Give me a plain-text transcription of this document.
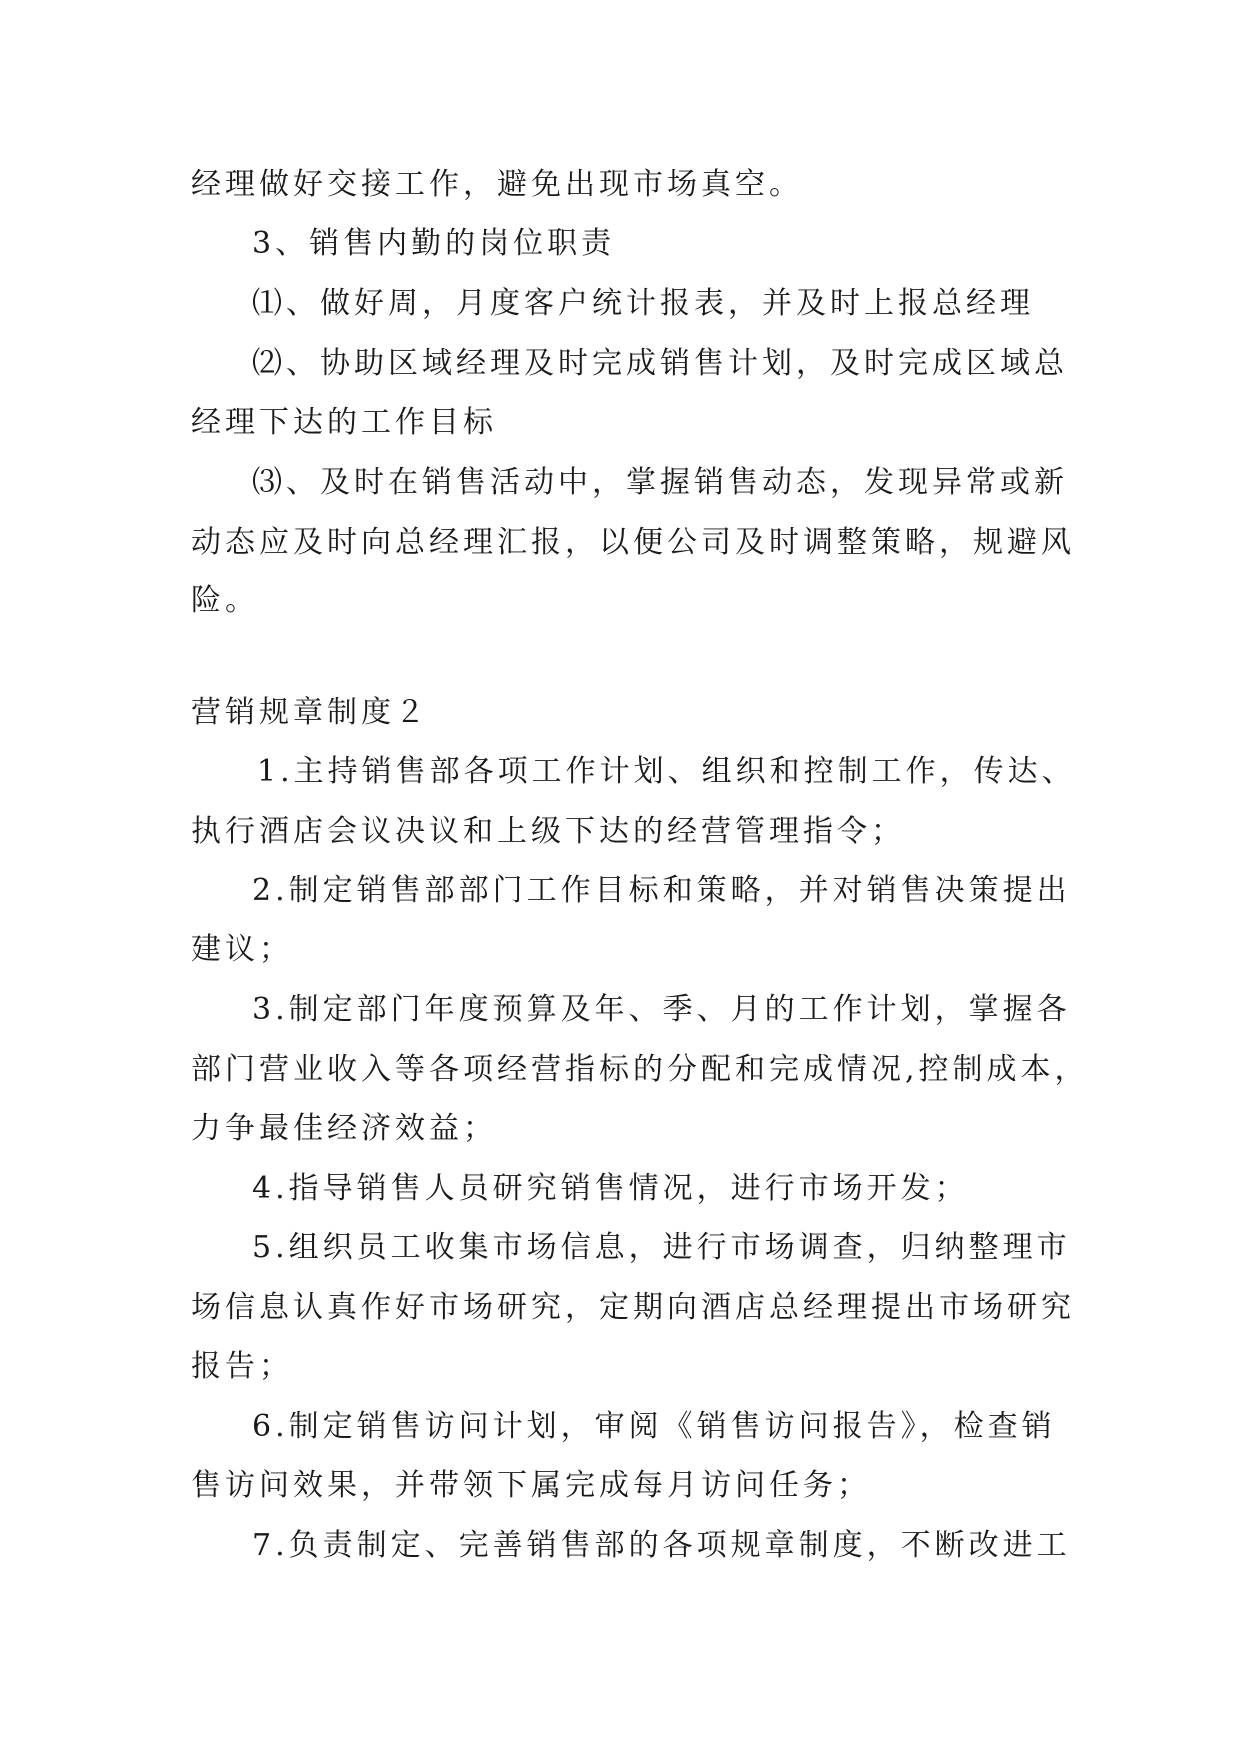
经理做好交接工作，避免出现市场真空。
3、销售内勤的岗位职责
⑴、做好周，月度客户统计报表，并及时上报总经理
⑵、协助区域经理及时完成销售计划，及时完成区域总
经理下达的工作目标
⑶、及时在销售活动中，掌握销售动态，发现异常或新
动态应及时向总经理汇报，以便公司及时调整策略，规避风
险。
营销规章制度２
1.主持销售部各项工作计划、组织和控制工作，传达、
执行酒店会议决议和上级下达的经营管理指令；
2.制定销售部部门工作目标和策略，并对销售决策提出
建议；
3.制定部门年度预算及年、季、月的工作计划，掌握各
部门营业收入等各项经营指标的分配和完成情况,控制成本，
力争最佳经济效益；
4.指导销售人员研究销售情况，进行市场开发；
5.组织员工收集市场信息，进行市场调查，归纳整理市
场信息认真作好市场研究，定期向酒店总经理提出市场研究
报告；
6.制定销售访问计划，审阅《销售访问报告》，检查销
售访问效果，并带领下属完成每月访问任务；
7.负责制定、完善销售部的各项规章制度，不断改进工
